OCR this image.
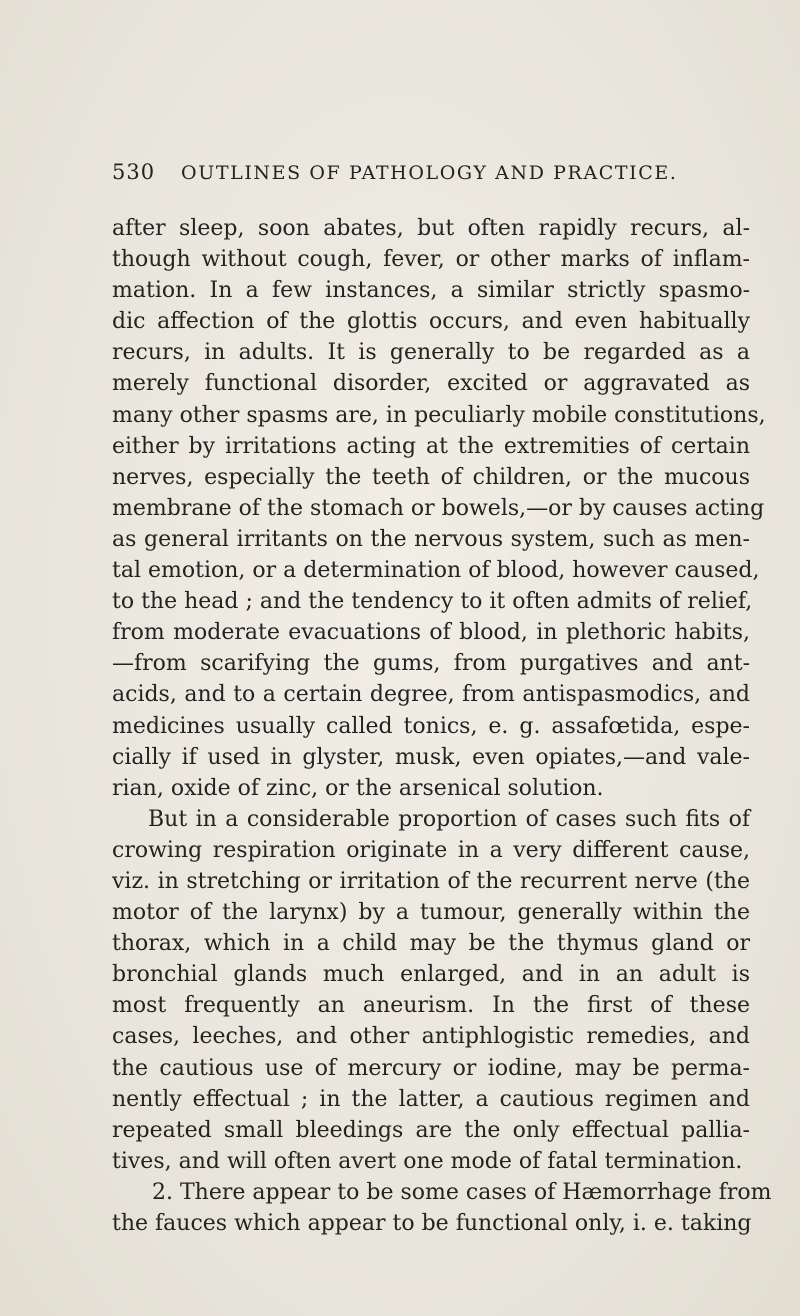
530 OUTLINES OF PATHOLOGY AND PRACTICE.
after sleep, soon abates, but often rapidly recurs, al-
though without cough, fever, or other marks of inflam-
mation. In a few instances, a similar strictly spasmo-
dic affection of the glottis occurs, and even habitually
recurs, in adults. It is generally to be regarded as a
merely functional disorder, excited or aggravated as
many other spasms are, in peculiarly mobile constitutions,
either by irritations acting at the extremities of certain
nerves, especially the teeth of children, or the mucous
membrane of the stomach or bowels,—or by causes acting
as general irritants on the nervous system, such as men-
tal emotion, or a determination of blood, however caused,
to the head ; and the tendency to it often admits of relief,
from moderate evacuations of blood, in plethoric habits,
—from scarifying the gums, from purgatives and ant-
acids, and to a certain degree, from antispasmodics, and
medicines usually called tonics, e. g. assafœtida, espe-
cially if used in glyster, musk, even opiates,—and vale-
rian, oxide of zinc, or the arsenical solution.
But in a considerable proportion of cases such fits of
crowing respiration originate in a very different cause,
viz. in stretching or irritation of the recurrent nerve (the
motor of the larynx) by a tumour, generally within the
thorax, which in a child may be the thymus gland or
bronchial glands much enlarged, and in an adult is
most frequently an aneurism. In the first of these
cases, leeches, and other antiphlogistic remedies, and
the cautious use of mercury or iodine, may be perma-
nently effectual ; in the latter, a cautious regimen and
repeated small bleedings are the only effectual pallia-
tives, and will often avert one mode of fatal termination.
2. There appear to be some cases of Hæmorrhage from
the fauces which appear to be functional only, i. e. taking
